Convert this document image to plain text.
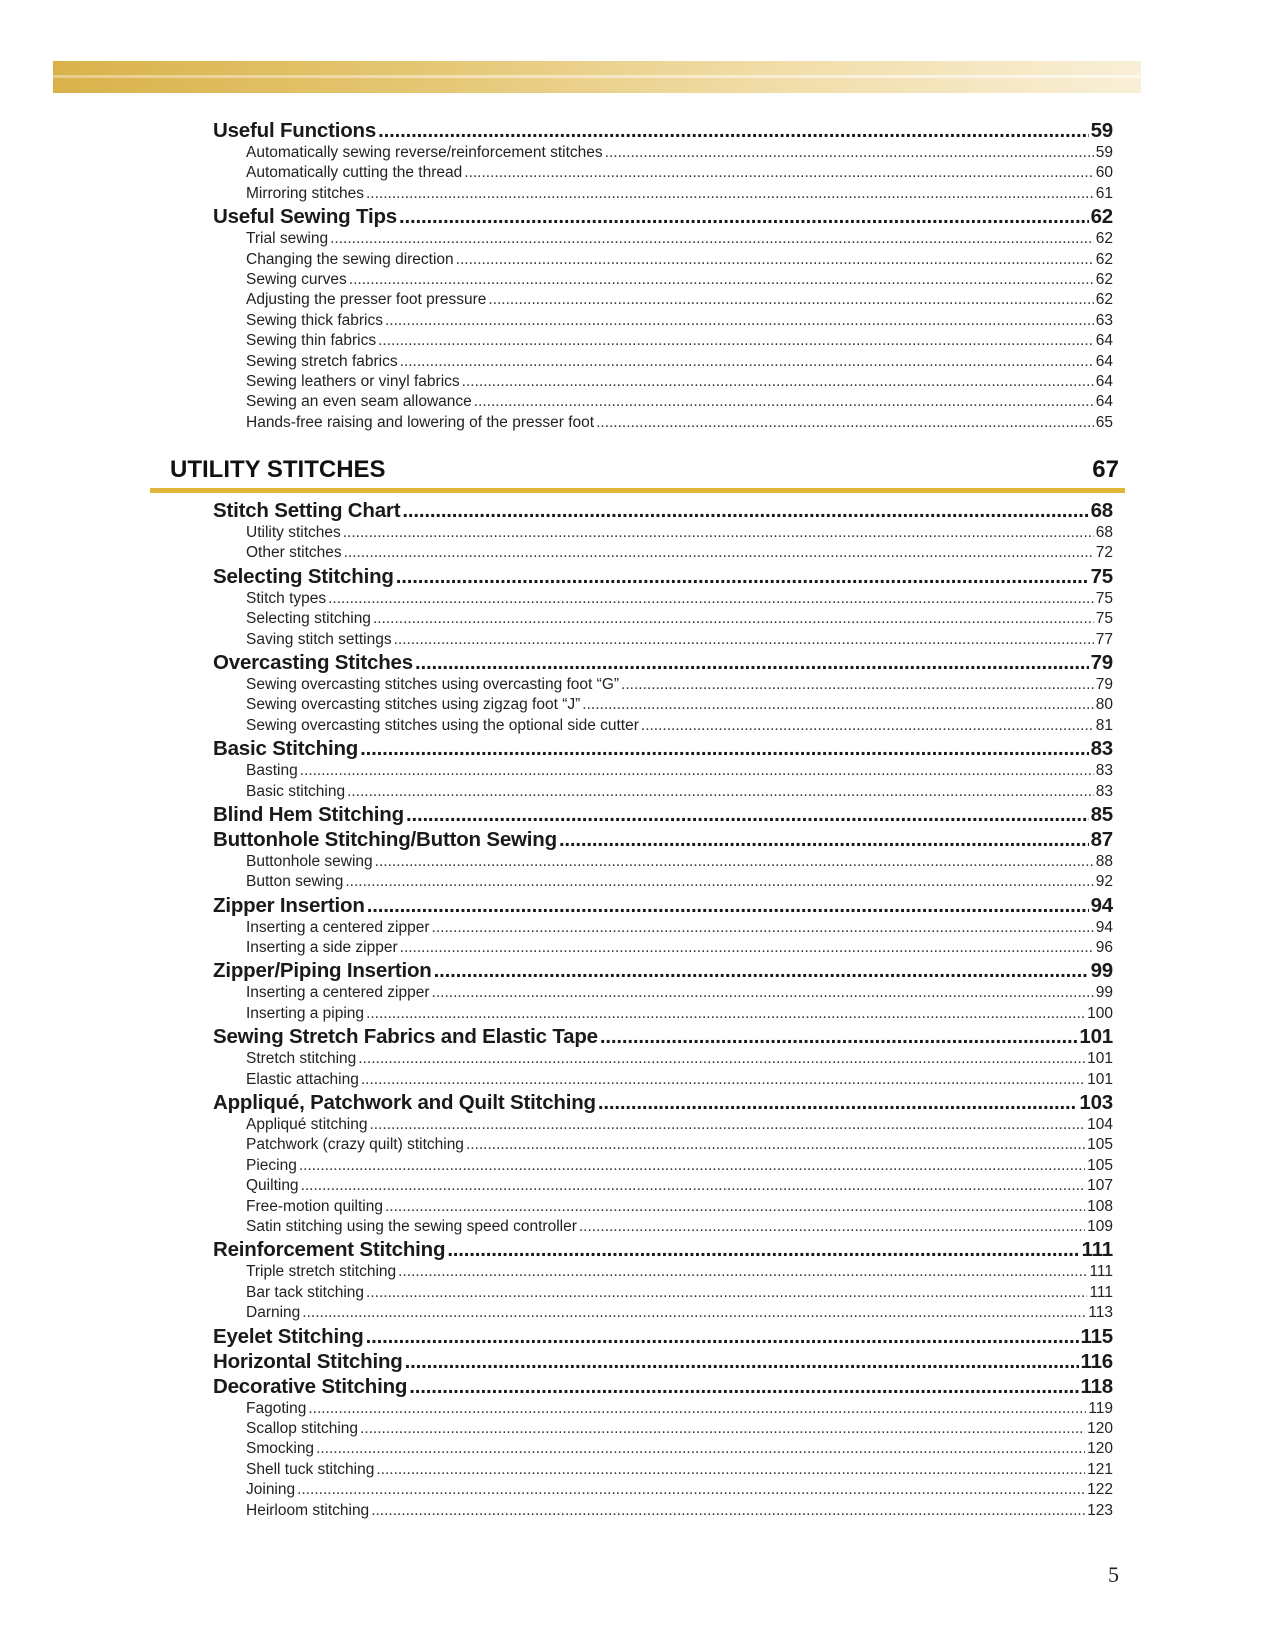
Useful Functions .....	59
Automatically sewing reverse/reinforcement stitches .....	59
Automatically cutting the thread .....	60
Mirroring stitches .....	61
Useful Sewing Tips .....	62
Trial sewing .....	62
Changing the sewing direction .....	62
Sewing curves .....	62
Adjusting the presser foot pressure .....	62
Sewing thick fabrics .....	63
Sewing thin fabrics .....	64
Sewing stretch fabrics .....	64
Sewing leathers or vinyl fabrics .....	64
Sewing an even seam allowance .....	64
Hands-free raising and lowering of the presser foot .....	65
UTILITY STITCHES	67
Stitch Setting Chart .....	68
Utility stitches .....	68
Other stitches .....	72
Selecting Stitching .....	75
Stitch types .....	75
Selecting stitching .....	75
Saving stitch settings .....	77
Overcasting Stitches .....	79
Sewing overcasting stitches using overcasting foot “G” .....	79
Sewing overcasting stitches using zigzag foot “J” .....	80
Sewing overcasting stitches using the optional side cutter .....	81
Basic Stitching .....	83
Basting .....	83
Basic stitching .....	83
Blind Hem Stitching .....	85
Buttonhole Stitching/Button Sewing .....	87
Buttonhole sewing .....	88
Button sewing .....	92
Zipper Insertion .....	94
Inserting a centered zipper .....	94
Inserting a side zipper .....	96
Zipper/Piping Insertion .....	99
Inserting a centered zipper .....	99
Inserting a piping .....	100
Sewing Stretch Fabrics and Elastic Tape .....	101
Stretch stitching .....	101
Elastic attaching .....	101
Appliqué, Patchwork and Quilt Stitching .....	103
Appliqué stitching .....	104
Patchwork (crazy quilt) stitching .....	105
Piecing .....	105
Quilting .....	107
Free-motion quilting .....	108
Satin stitching using the sewing speed controller .....	109
Reinforcement Stitching .....	111
Triple stretch stitching .....	111
Bar tack stitching .....	111
Darning .....	113
Eyelet Stitching .....	115
Horizontal Stitching .....	116
Decorative Stitching .....	118
Fagoting .....	119
Scallop stitching .....	120
Smocking .....	120
Shell tuck stitching .....	121
Joining .....	122
Heirloom stitching .....	123
5
